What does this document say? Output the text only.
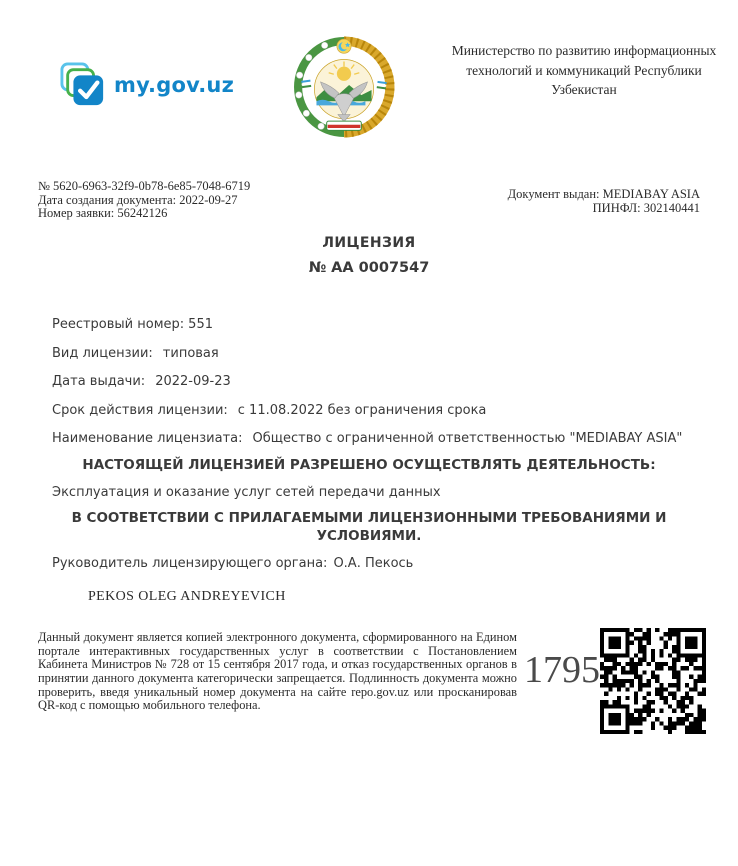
my.gov.uz
Министерство по развитию информационных технологий и коммуникаций Республики Узбекистан
№ 5620-6963-32f9-0b78-6e85-7048-6719
Дата создания документа: 2022-09-27
Номер заявки: 56242126
Документ выдан: MEDIABAY ASIA
ПИНФЛ: 302140441
ЛИЦЕНЗИЯ
№ AA 0007547
Реестровый номер: 551
Вид лицензии: типовая
Дата выдачи: 2022-09-23
Срок действия лицензии: с 11.08.2022 без ограничения срока
Наименование лицензиата: Общество с ограниченной ответственностью "MEDIABAY ASIA"
НАСТОЯЩЕЙ ЛИЦЕНЗИЕЙ РАЗРЕШЕНО ОСУЩЕСТВЛЯТЬ ДЕЯТЕЛЬНОСТЬ:
Эксплуатация и оказание услуг сетей передачи данных
В СООТВЕТСТВИИ С ПРИЛАГАЕМЫМИ ЛИЦЕНЗИОННЫМИ ТРЕБОВАНИЯМИ И УСЛОВИЯМИ.
Руководитель лицензирующего органа: О.А. Пекось
PEKOS OLEG ANDREYEVICH
Данный документ является копией электронного документа, сформированного на Едином портале интерактивных государственных услуг в соответствии с Постановлением Кабинета Министров № 728 от 15 сентября 2017 года, и отказ государственных органов в принятии данного документа категорически запрещается. Подлинность документа можно проверить, введя уникальный номер документа на сайте repo.gov.uz или просканировав QR-код с помощью мобильного телефона.
1795
